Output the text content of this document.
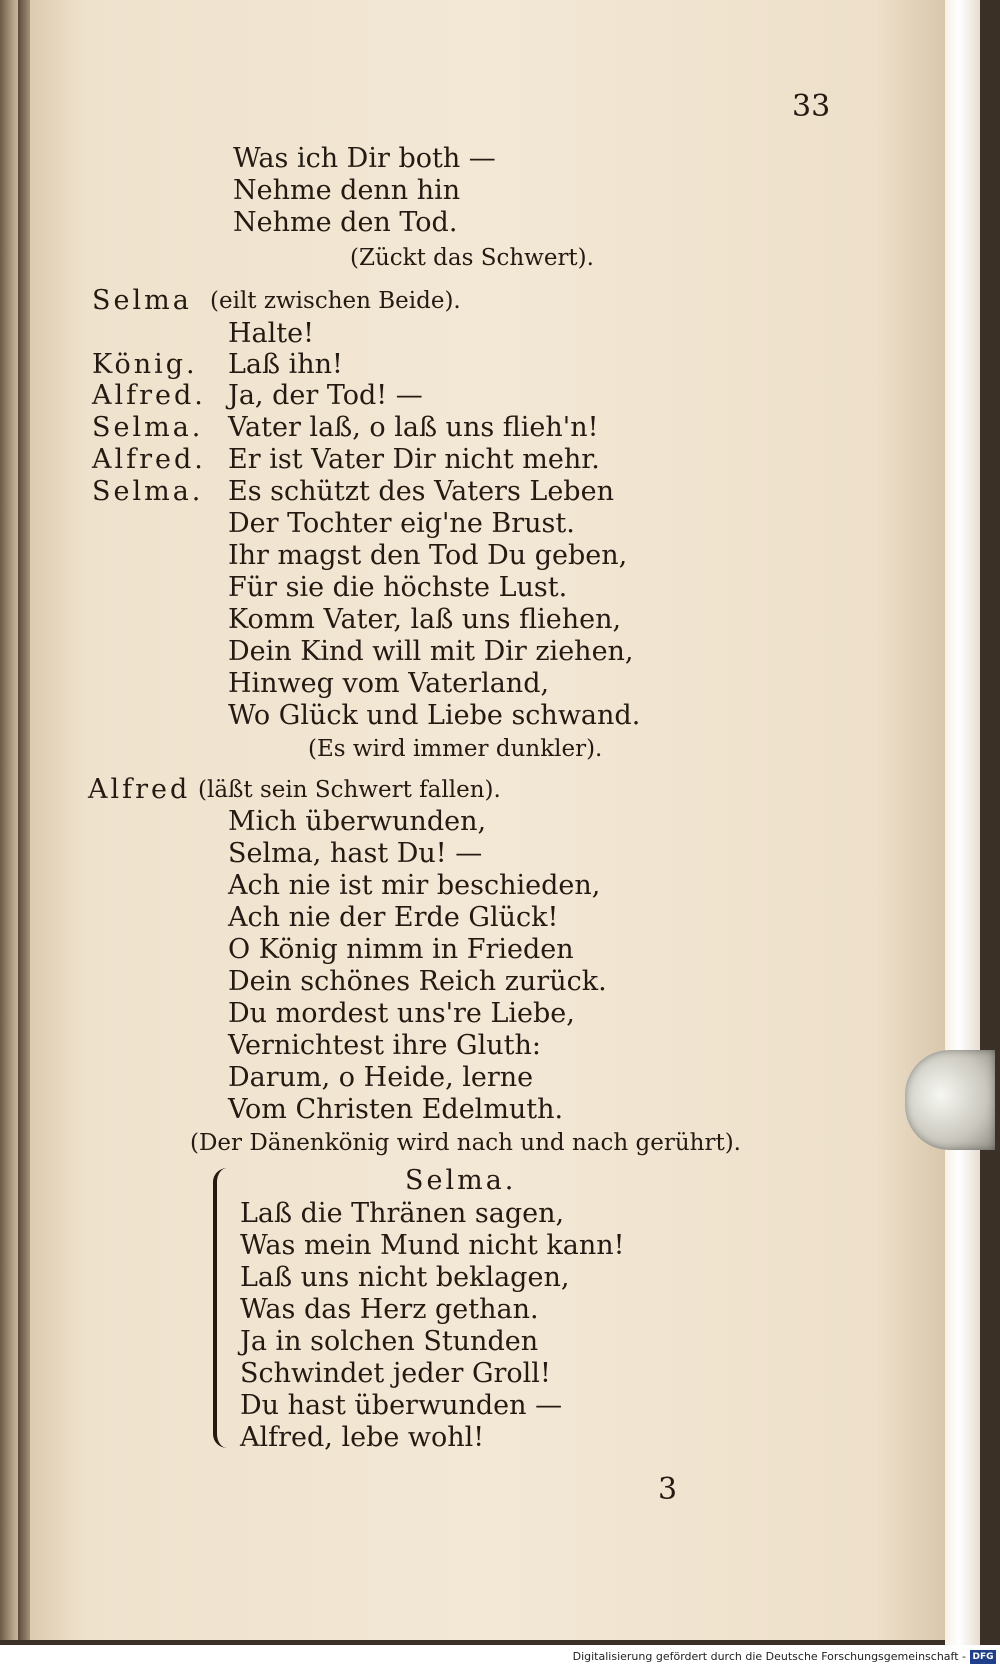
33
Was ich Dir both —
Nehme denn hin
Nehme den Tod.
(Zückt das Schwert).
Selma (eilt zwischen Beide).
Halte!
König. Laß ihn!
Alfred. Ja, der Tod! —
Selma. Vater laß, o laß uns flieh'n!
Alfred. Er ist Vater Dir nicht mehr.
Selma. Es schützt des Vaters Leben
Der Tochter eig'ne Brust.
Ihr magst den Tod Du geben,
Für sie die höchste Lust.
Komm Vater, laß uns fliehen,
Dein Kind will mit Dir ziehen,
Hinweg vom Vaterland,
Wo Glück und Liebe schwand.
(Es wird immer dunkler).
Alfred (läßt sein Schwert fallen).
Mich überwunden,
Selma, hast Du! —
Ach nie ist mir beschieden,
Ach nie der Erde Glück!
O König nimm in Frieden
Dein schönes Reich zurück.
Du mordest uns're Liebe,
Vernichtest ihre Gluth:
Darum, o Heide, lerne
Vom Christen Edelmuth.
(Der Dänenkönig wird nach und nach gerührt).
Selma.
Laß die Thränen sagen,
Was mein Mund nicht kann!
Laß uns nicht beklagen,
Was das Herz gethan.
Ja in solchen Stunden
Schwindet jeder Groll!
Du hast überwunden —
Alfred, lebe wohl!
3
Digitalisierung gefördert durch die Deutsche Forschungsgemeinschaft - DFG
